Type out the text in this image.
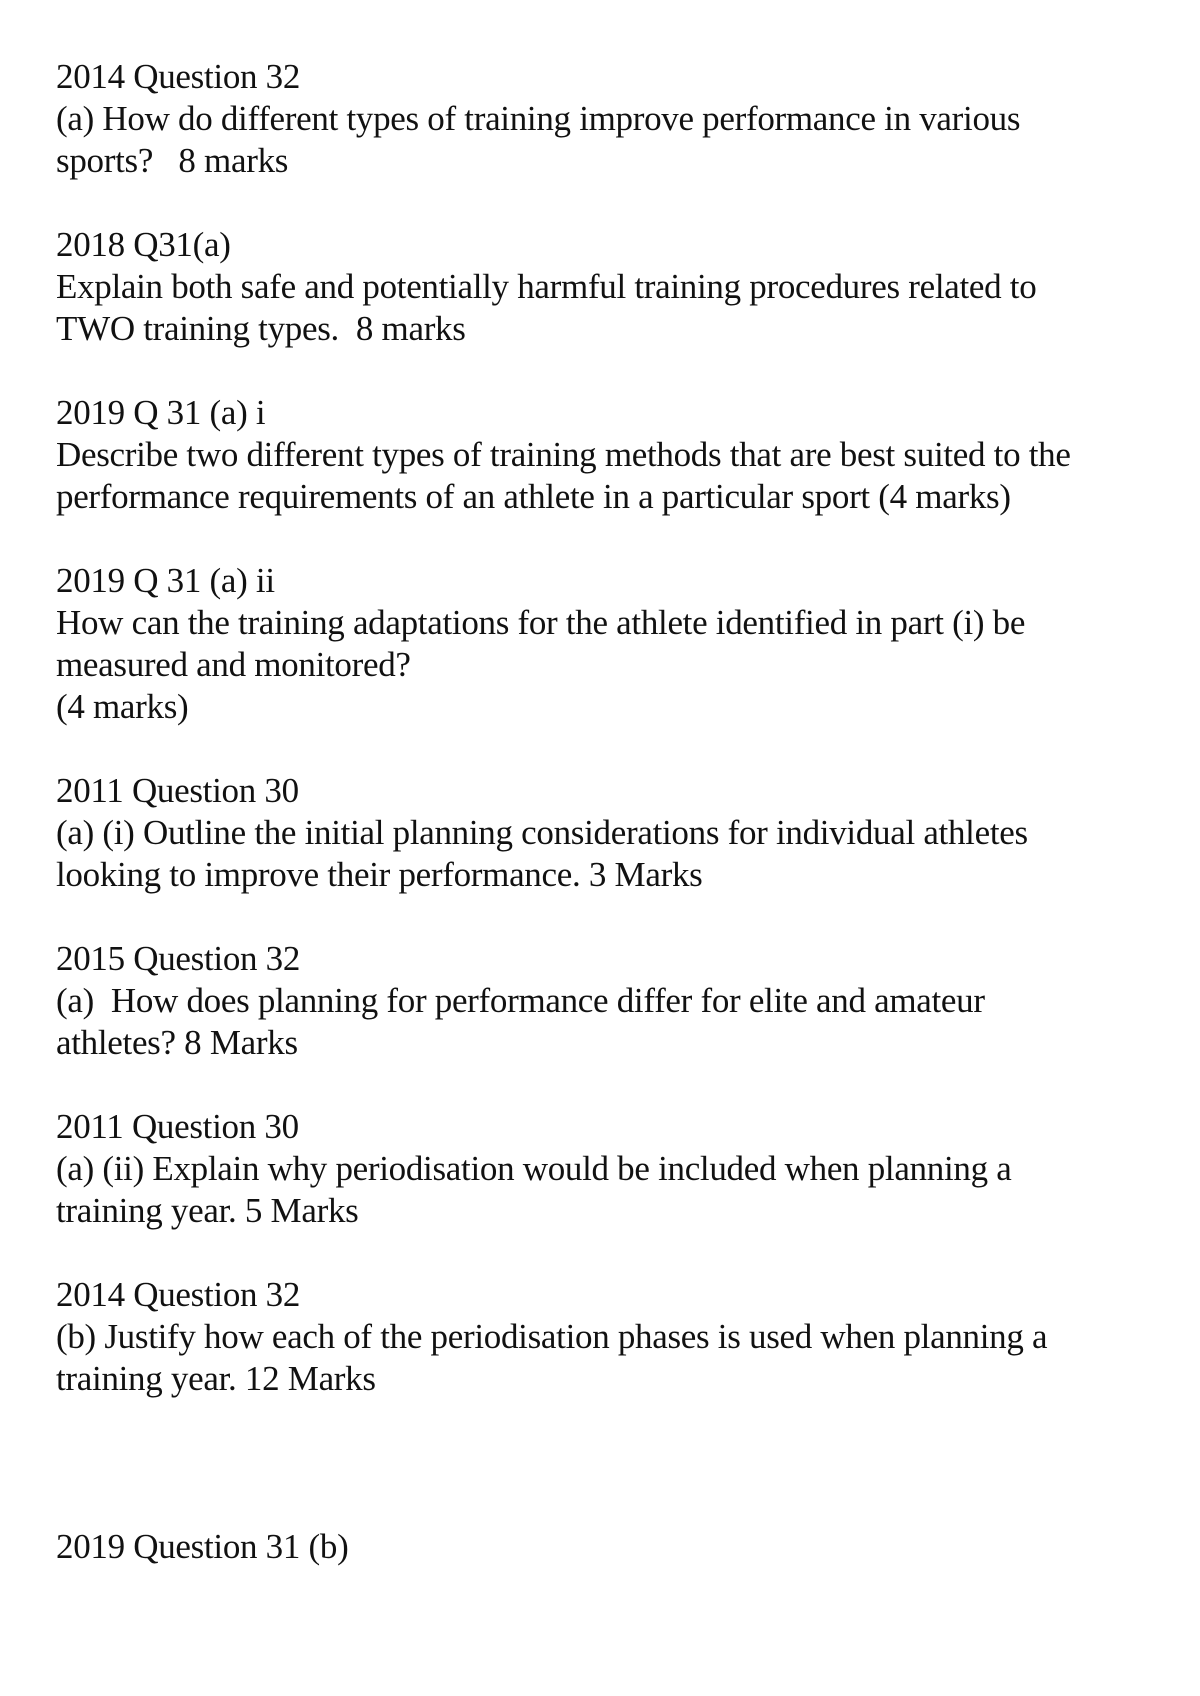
2014 Question 32
(a) How do different types of training improve performance in various
sports?   8 marks
2018 Q31(a)
Explain both safe and potentially harmful training procedures related to
TWO training types.  8 marks
2019 Q 31 (a) i
Describe two different types of training methods that are best suited to the
performance requirements of an athlete in a particular sport (4 marks)
2019 Q 31 (a) ii
How can the training adaptations for the athlete identified in part (i) be
measured and monitored?
(4 marks)
2011 Question 30
(a) (i) Outline the initial planning considerations for individual athletes
looking to improve their performance. 3 Marks
2015 Question 32
(a)  How does planning for performance differ for elite and amateur
athletes? 8 Marks
2011 Question 30
(a) (ii) Explain why periodisation would be included when planning a
training year. 5 Marks
2014 Question 32
(b) Justify how each of the periodisation phases is used when planning a
training year. 12 Marks
2019 Question 31 (b)
